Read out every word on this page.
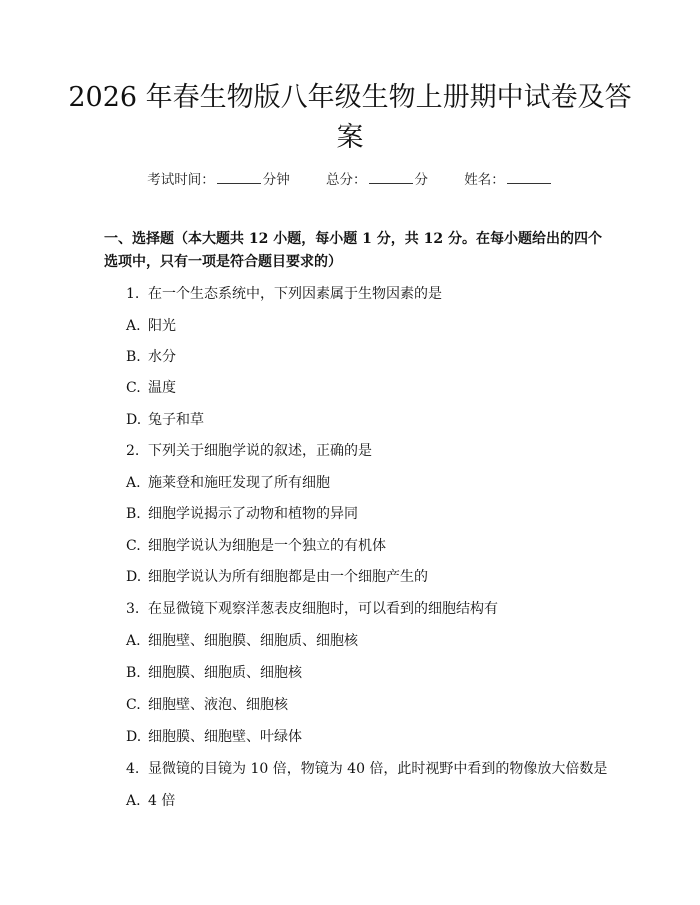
2026 年春生物版八年级生物上册期中试卷及答案
考试时间：	分钟	总分：	分	姓名：
一、选择题（本大题共 12 小题，每小题 1 分，共 12 分。在每小题给出的四个选项中，只有一项是符合题目要求的）
1. 在一个生态系统中，下列因素属于生物因素的是
A. 阳光
B. 水分
C. 温度
D. 兔子和草
2. 下列关于细胞学说的叙述，正确的是
A. 施莱登和施旺发现了所有细胞
B. 细胞学说揭示了动物和植物的异同
C. 细胞学说认为细胞是一个独立的有机体
D. 细胞学说认为所有细胞都是由一个细胞产生的
3. 在显微镜下观察洋葱表皮细胞时，可以看到的细胞结构有
A. 细胞壁、细胞膜、细胞质、细胞核
B. 细胞膜、细胞质、细胞核
C. 细胞壁、液泡、细胞核
D. 细胞膜、细胞壁、叶绿体
4. 显微镜的目镜为 10 倍，物镜为 40 倍，此时视野中看到的物像放大倍数是
A. 4 倍
